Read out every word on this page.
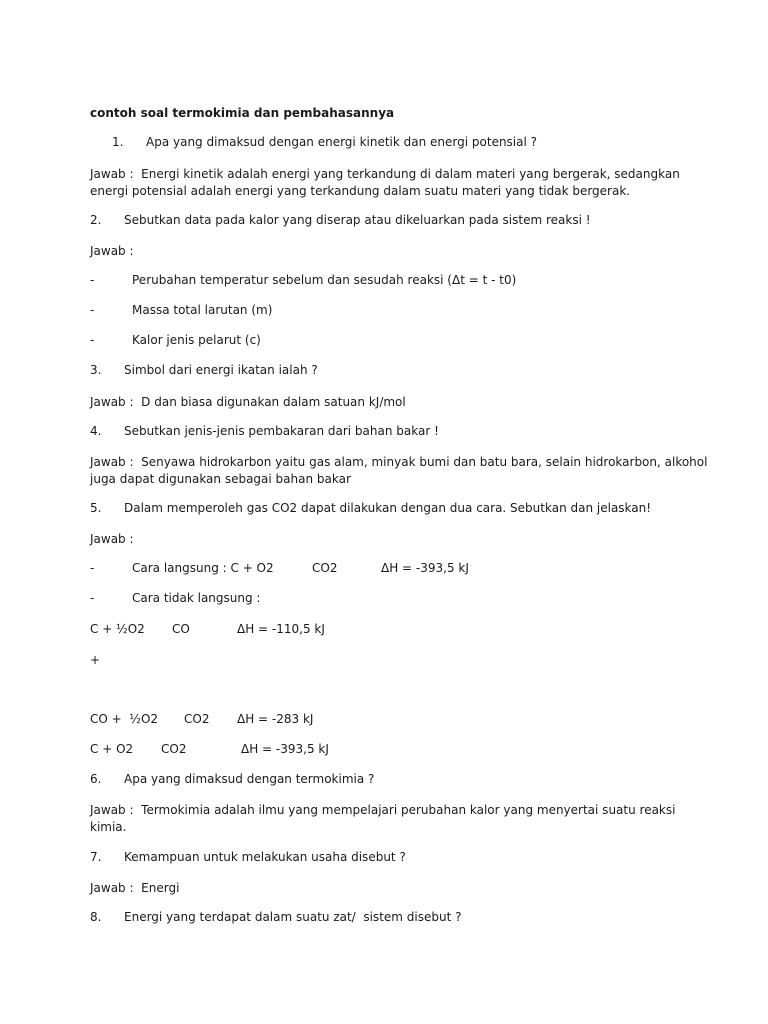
contoh soal termokimia dan pembahasannya
1. Apa yang dimaksud dengan energi kinetik dan energi potensial ?
Jawab :  Energi kinetik adalah energi yang terkandung di dalam materi yang bergerak, sedangkan
energi potensial adalah energi yang terkandung dalam suatu materi yang tidak bergerak.
2. Sebutkan data pada kalor yang diserap atau dikeluarkan pada sistem reaksi !
Jawab :
-	Perubahan temperatur sebelum dan sesudah reaksi (Δt = t - t0)
-	Massa total larutan (m)
-	Kalor jenis pelarut (c)
3. Simbol dari energi ikatan ialah ?
Jawab :  D dan biasa digunakan dalam satuan kJ/mol
4. Sebutkan jenis-jenis pembakaran dari bahan bakar !
Jawab :  Senyawa hidrokarbon yaitu gas alam, minyak bumi dan batu bara, selain hidrokarbon, alkohol
juga dapat digunakan sebagai bahan bakar
5. Dalam memperoleh gas CO2 dapat dilakukan dengan dua cara. Sebutkan dan jelaskan!
Jawab :
-	Cara langsung : C + O2	CO2	ΔH = -393,5 kJ
-	Cara tidak langsung :
C + ½O2 CO	ΔH = -110,5 kJ
+
CO +  ½O2 CO2 ΔH = -283 kJ
C + O2 CO2	ΔH = -393,5 kJ
6. Apa yang dimaksud dengan termokimia ?
Jawab :  Termokimia adalah ilmu yang mempelajari perubahan kalor yang menyertai suatu reaksi
kimia.
7. Kemampuan untuk melakukan usaha disebut ?
Jawab :  Energi
8. Energi yang terdapat dalam suatu zat/  sistem disebut ?
